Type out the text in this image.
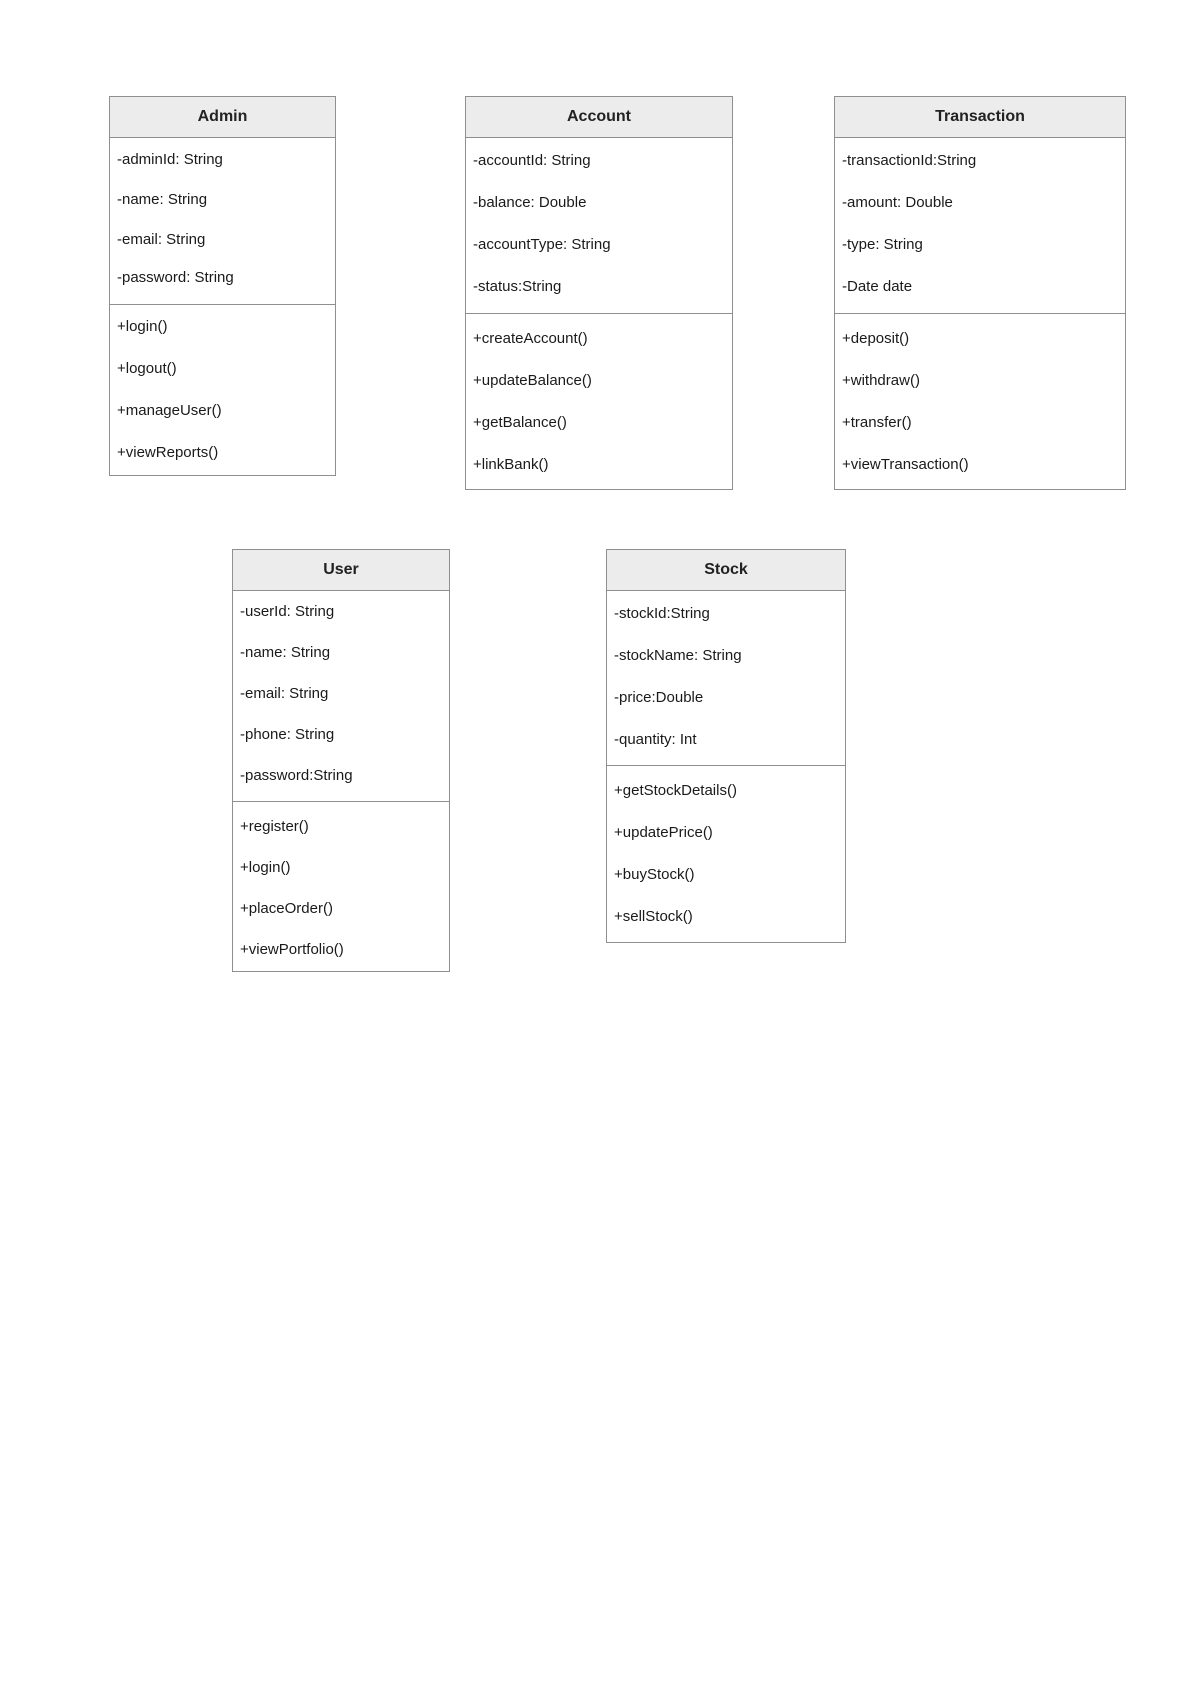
Admin
-adminId: String
-name: String
-email: String
-password: String
+login()
+logout()
+manageUser()
+viewReports()
Account
-accountId: String
-balance: Double
-accountType: String
-status:String
+createAccount()
+updateBalance()
+getBalance()
+linkBank()
Transaction
-transactionId:String
-amount: Double
-type: String
-Date date
+deposit()
+withdraw()
+transfer()
+viewTransaction()
User
-userId: String
-name: String
-email: String
-phone: String
-password:String
+register()
+login()
+placeOrder()
+viewPortfolio()
Stock
-stockId:String
-stockName: String
-price:Double
-quantity: Int
+getStockDetails()
+updatePrice()
+buyStock()
+sellStock()
